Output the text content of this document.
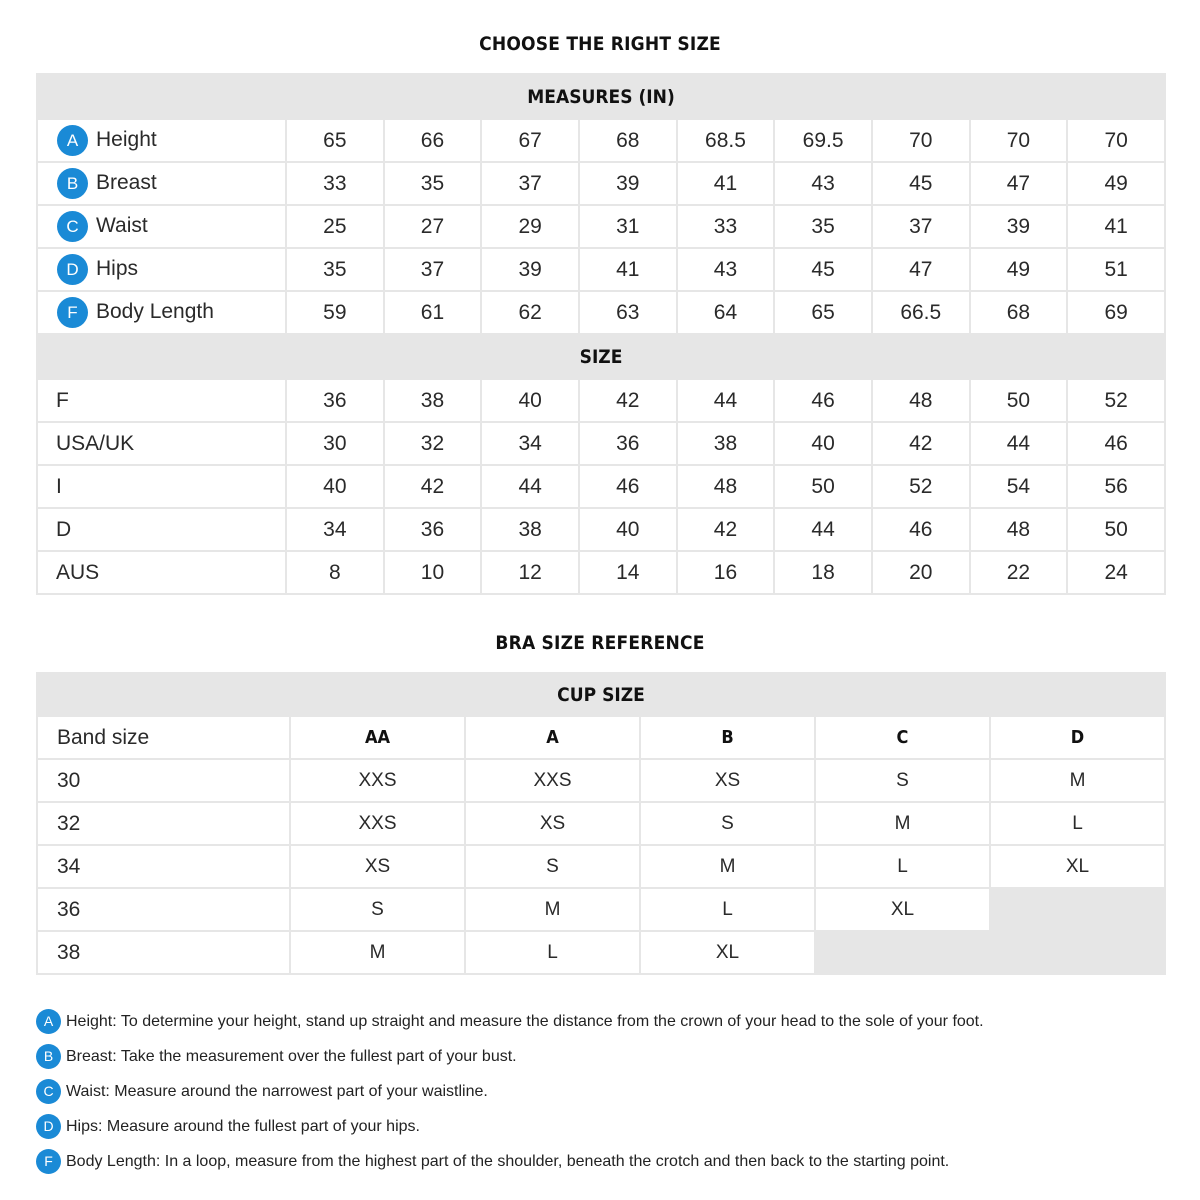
CHOOSE THE RIGHT SIZE
MEASURES (IN)									
A Height	65	66	67	68	68.5	69.5	70	70	70
B Breast	33	35	37	39	41	43	45	47	49
C Waist	25	27	29	31	33	35	37	39	41
D Hips	35	37	39	41	43	45	47	49	51
F Body Length	59	61	62	63	64	65	66.5	68	69
SIZE									
F	36	38	40	42	44	46	48	50	52
USA/UK	30	32	34	36	38	40	42	44	46
I	40	42	44	46	48	50	52	54	56
D	34	36	38	40	42	44	46	48	50
AUS	8	10	12	14	16	18	20	22	24
BRA SIZE REFERENCE
CUP SIZE					
Band size	AA	A	B	C	D
30	XXS	XXS	XS	S	M
32	XXS	XS	S	M	L
34	XS	S	M	L	XL
36	S	M	L	XL	
38	M	L	XL		
A Height: To determine your height, stand up straight and measure the distance from the crown of your head to the sole of your foot.
B Breast: Take the measurement over the fullest part of your bust.
C Waist: Measure around the narrowest part of your waistline.
D Hips: Measure around the fullest part of your hips.
F Body Length: In a loop, measure from the highest part of the shoulder, beneath the crotch and then back to the starting point.
